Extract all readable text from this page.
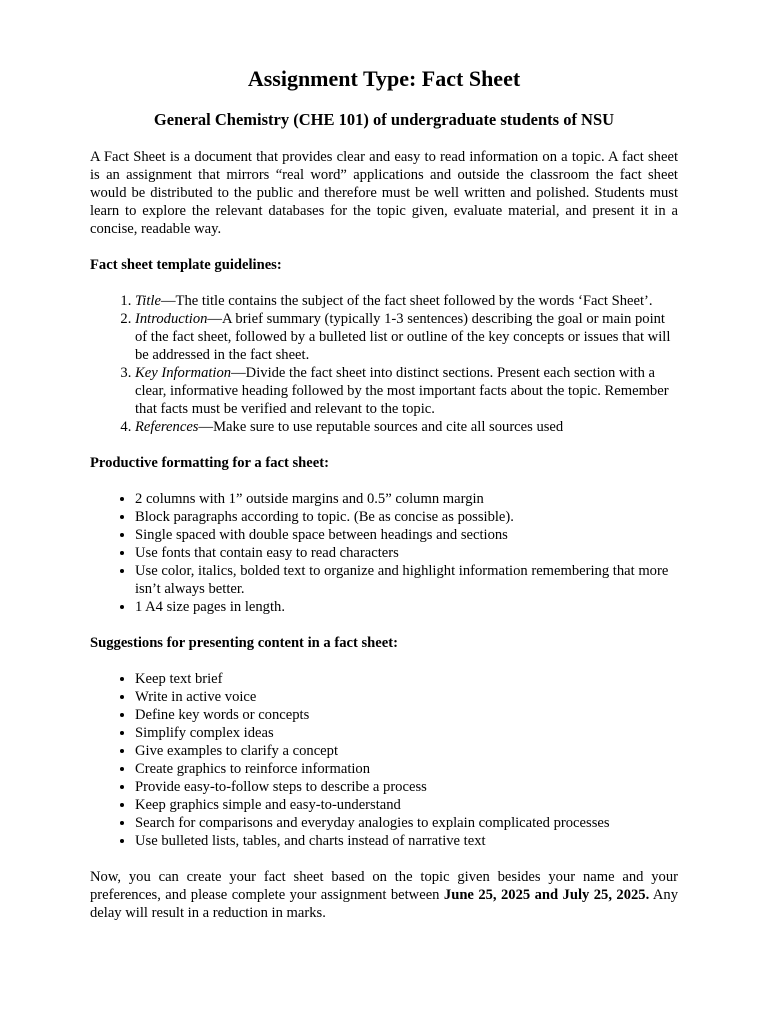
Assignment Type: Fact Sheet
General Chemistry (CHE 101) of undergraduate students of NSU

A Fact Sheet is a document that provides clear and easy to read information on a topic. A fact sheet is an assignment that mirrors “real word” applications and outside the classroom the fact sheet would be distributed to the public and therefore must be well written and polished. Students must learn to explore the relevant databases for the topic given, evaluate material, and present it in a concise, readable way.

Fact sheet template guidelines:

1. Title—The title contains the subject of the fact sheet followed by the words ‘Fact Sheet’.
2. Introduction—A brief summary (typically 1-3 sentences) describing the goal or main point of the fact sheet, followed by a bulleted list or outline of the key concepts or issues that will be addressed in the fact sheet.
3. Key Information—Divide the fact sheet into distinct sections. Present each section with a clear, informative heading followed by the most important facts about the topic. Remember that facts must be verified and relevant to the topic.
4. References—Make sure to use reputable sources and cite all sources used

Productive formatting for a fact sheet:

• 2 columns with 1” outside margins and 0.5” column margin
• Block paragraphs according to topic. (Be as concise as possible).
• Single spaced with double space between headings and sections
• Use fonts that contain easy to read characters
• Use color, italics, bolded text to organize and highlight information remembering that more isn’t always better.
• 1 A4 size pages in length.

Suggestions for presenting content in a fact sheet:

• Keep text brief
• Write in active voice
• Define key words or concepts
• Simplify complex ideas
• Give examples to clarify a concept
• Create graphics to reinforce information
• Provide easy-to-follow steps to describe a process
• Keep graphics simple and easy-to-understand
• Search for comparisons and everyday analogies to explain complicated processes
• Use bulleted lists, tables, and charts instead of narrative text

Now, you can create your fact sheet based on the topic given besides your name and your preferences, and please complete your assignment between June 25, 2025 and July 25, 2025. Any delay will result in a reduction in marks.
